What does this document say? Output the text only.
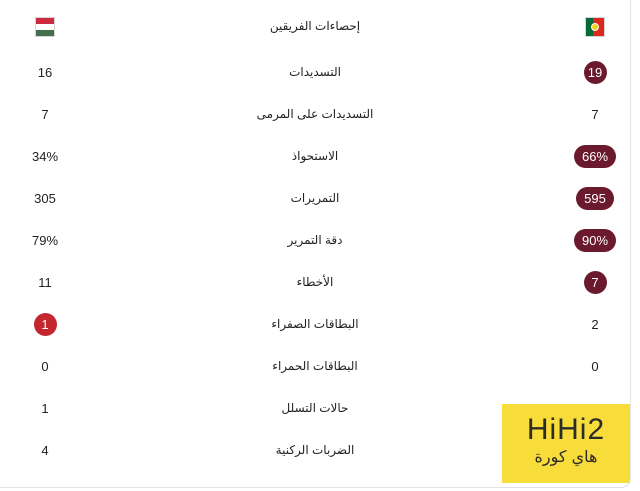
إحصاءات الفريقين
16	التسديدات	19
7	التسديدات على المرمى	7
34%	الاستحواذ	66%
305	التمريرات	595
79%	دقة التمرير	90%
11	الأخطاء	7
1	البطاقات الصفراء	2
0	البطاقات الحمراء	0
1	حالات التسلل
4	الضربات الركنية
HiHi2
هاي كورة
